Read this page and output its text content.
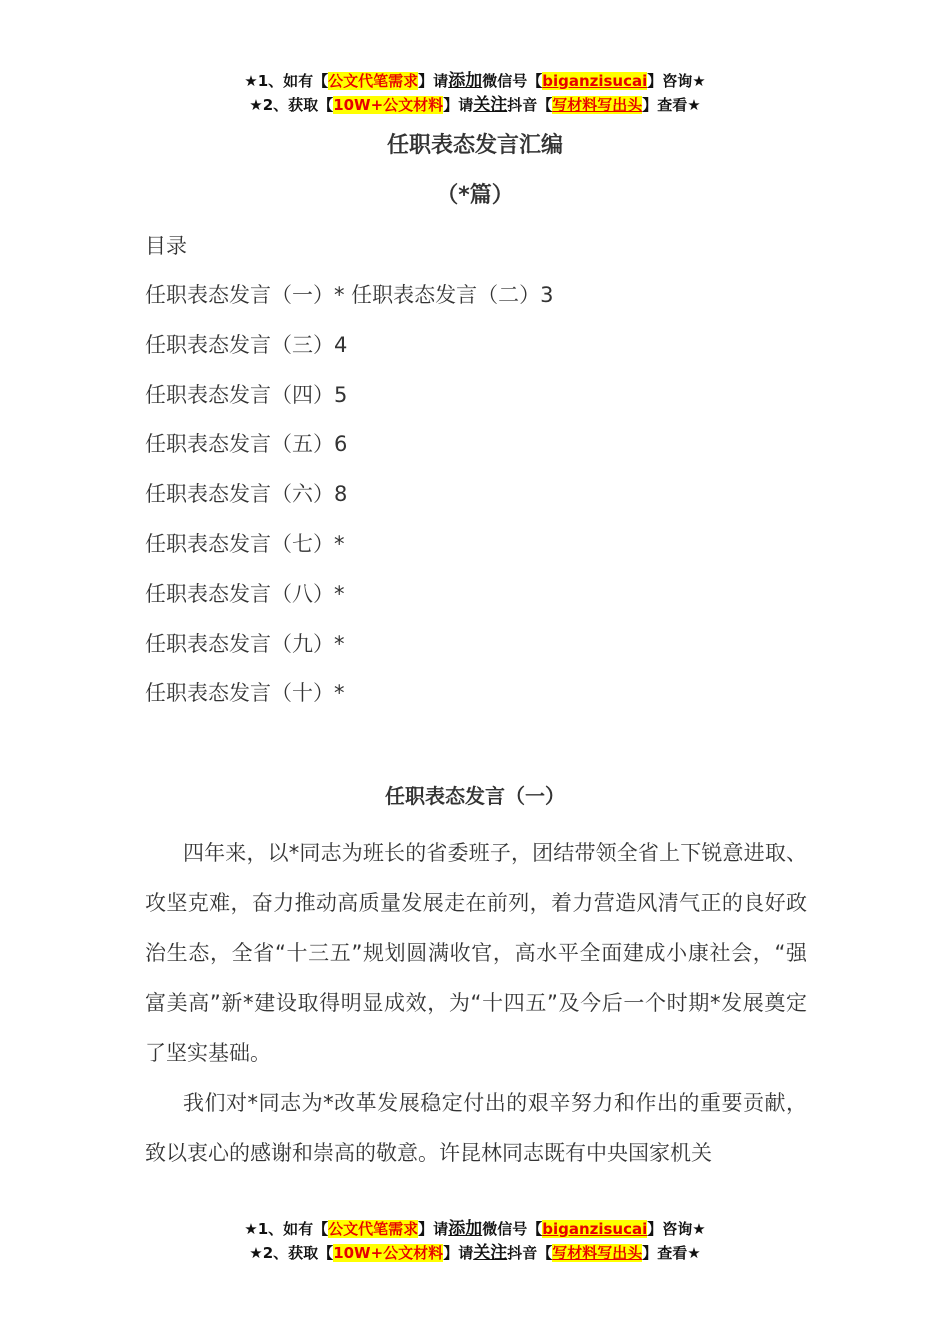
★1、如有【公文代笔需求】请添加微信号【biganzisucai】咨询★
★2、获取【10W+公文材料】请关注抖音【写材料写出头】查看★
任职表态发言汇编
（*篇）
目录
任职表态发言（一）* 任职表态发言（二）3
任职表态发言（三）4
任职表态发言（四）5
任职表态发言（五）6
任职表态发言（六）8
任职表态发言（七）*
任职表态发言（八）*
任职表态发言（九）*
任职表态发言（十）*
任职表态发言（一）

四年来，以*同志为班长的省委班子，团结带领全省上下锐意进取、攻坚克难，奋力推动高质量发展走在前列，着力营造风清气正的良好政治生态，全省“十三五”规划圆满收官，高水平全面建成小康社会，“强富美高”新*建设取得明显成效，为“十四五”及今后一个时期*发展奠定了坚实基础。

我们对*同志为*改革发展稳定付出的艰辛努力和作出的重要贡献，致以衷心的感谢和崇高的敬意。许昆林同志既有中央国家机关

★1、如有【公文代笔需求】请添加微信号【biganzisucai】咨询★
★2、获取【10W+公文材料】请关注抖音【写材料写出头】查看★
